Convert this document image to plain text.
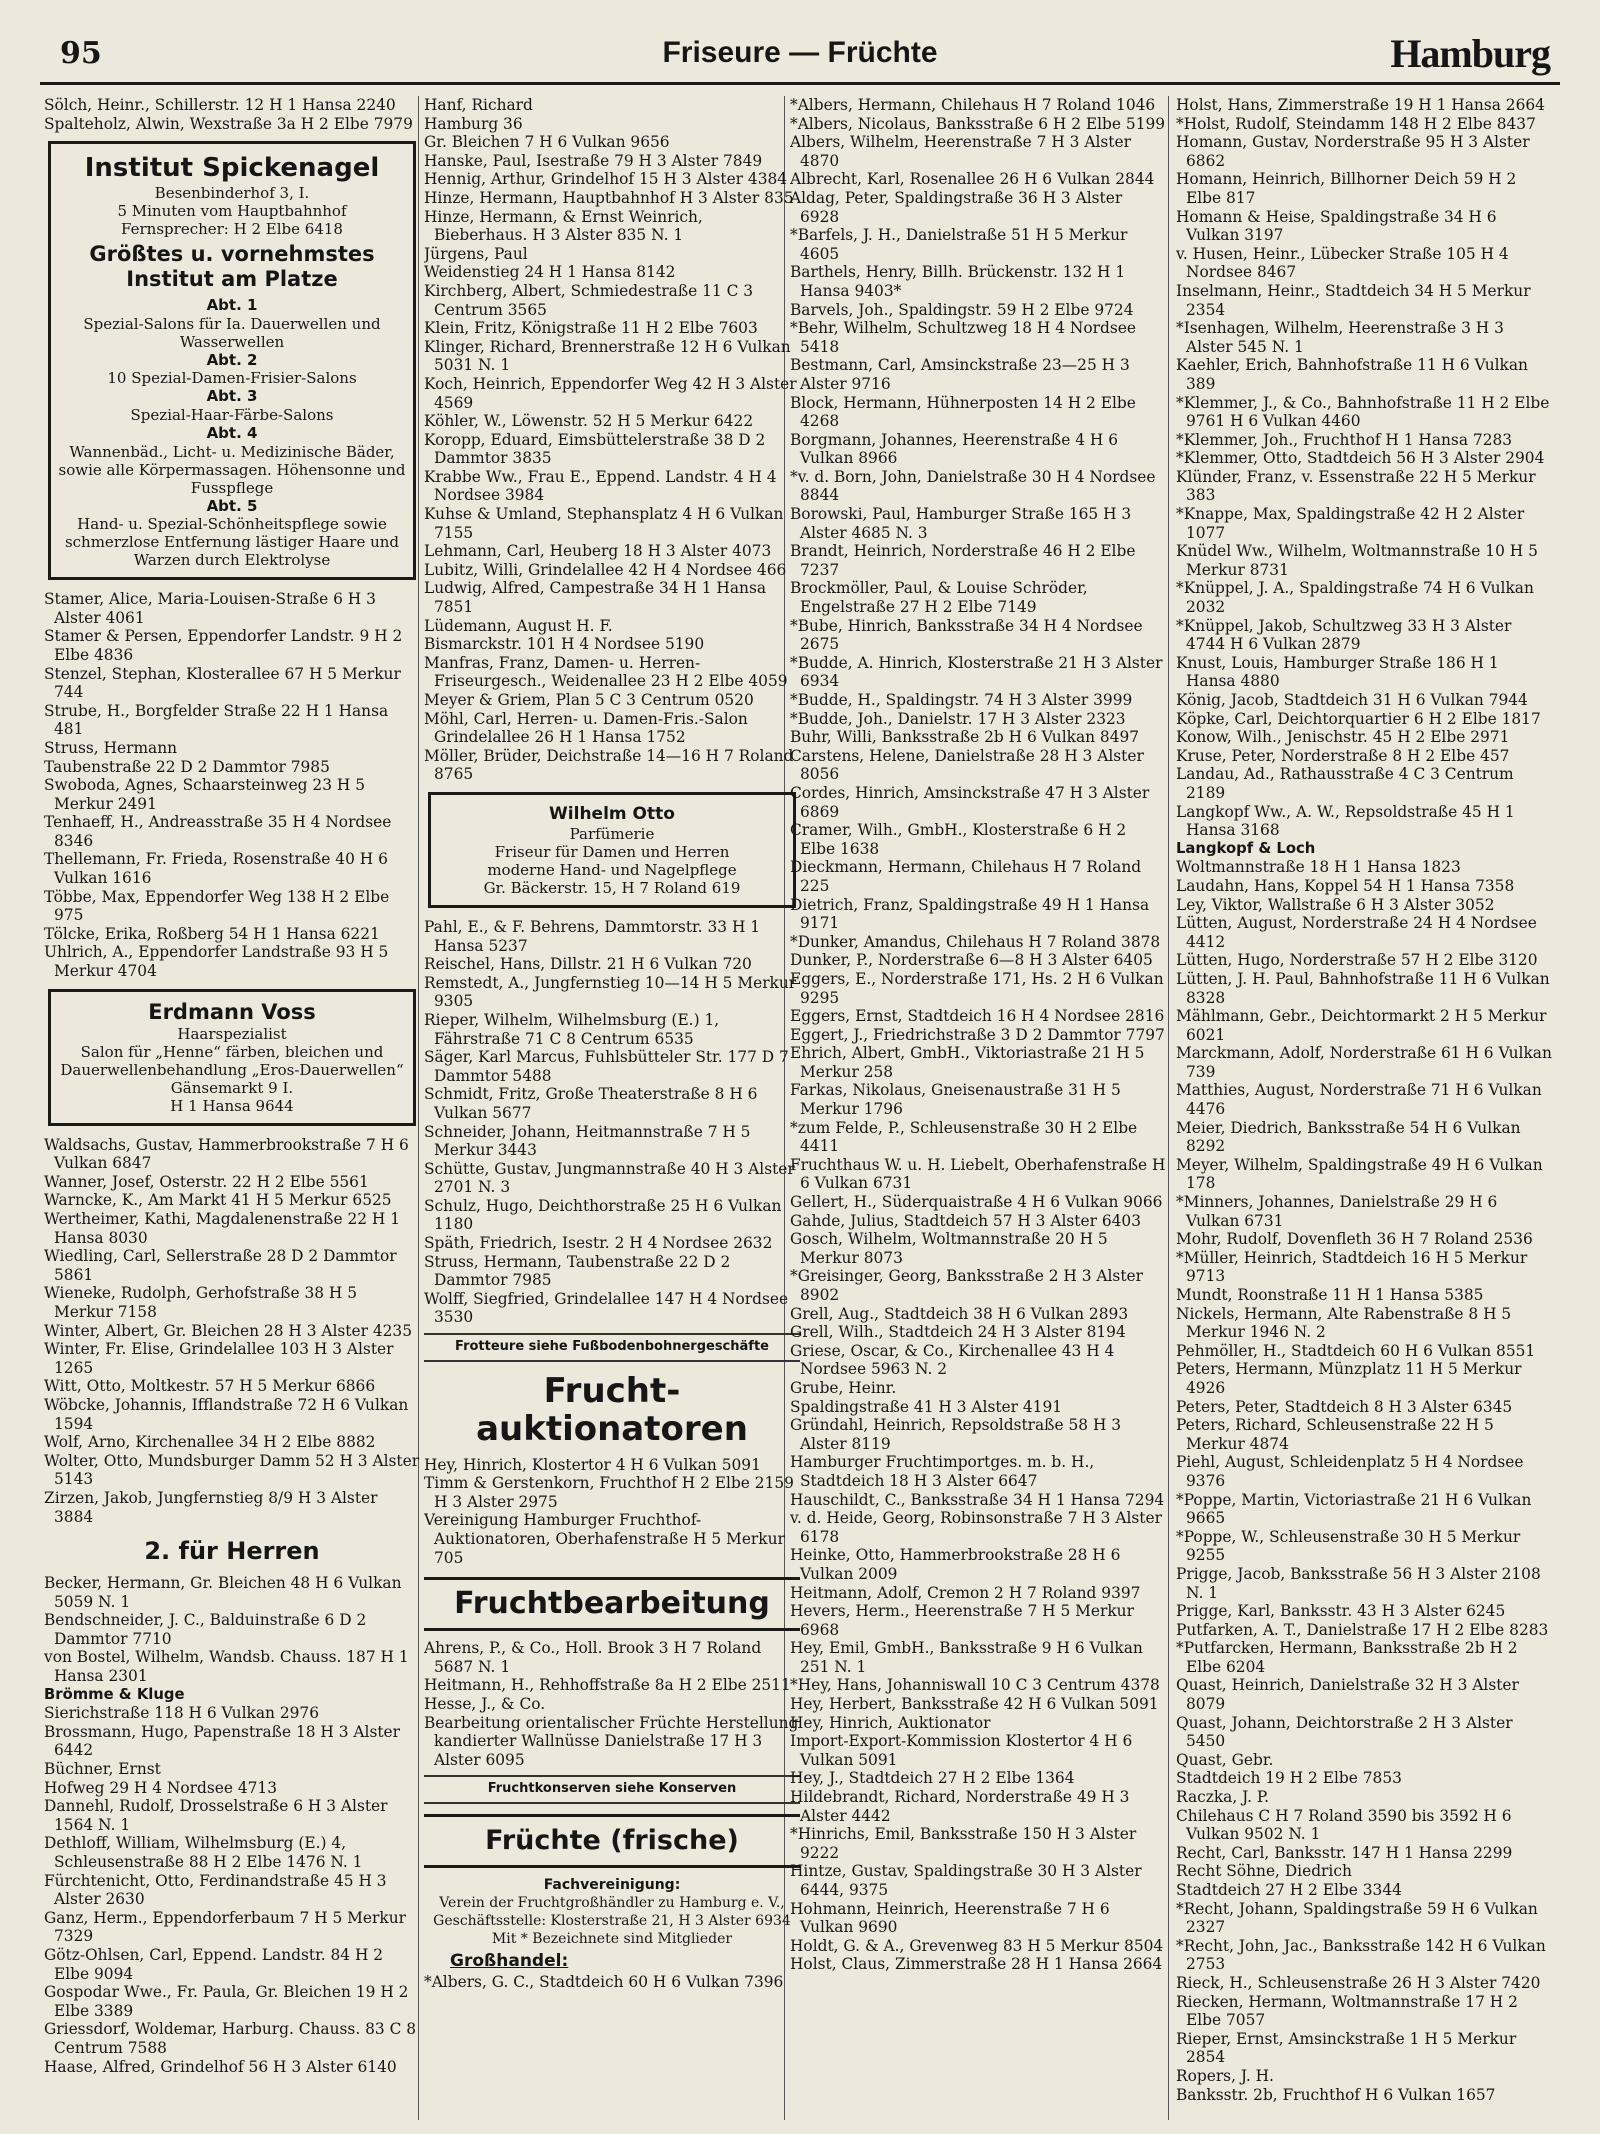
95	Friseure — Früchte	Hamburg

Sölch, Heinr., Schillerstr. 12 H 1 Hansa 2240

Spalteholz, Alwin, Wexstraße 3a H 2 Elbe 7979

Institut Spickenagel
Besenbinderhof 3, I.
5 Minuten vom Hauptbahnhof
Fernsprecher: H 2 Elbe 6418
Größtes u. vornehmstes Institut am Platze
Abt. 1
Spezial-Salons für Ia. Dauerwellen und Wasserwellen
Abt. 2
10 Spezial-Damen-Frisier-Salons
Abt. 3
Spezial-Haar-Färbe-Salons
Abt. 4
Wannenbäd., Licht- u. Medizinische Bäder, sowie alle Körpermassagen. Höhensonne und Fusspflege
Abt. 5
Hand- u. Spezial-Schönheitspflege sowie schmerzlose Entfernung lästiger Haare und Warzen durch Elektrolyse

Stamer, Alice, Maria-Louisen-Straße 6 H 3 Alster 4061

Stamer & Persen, Eppendorfer Landstr. 9 H 2 Elbe 4836

Stenzel, Stephan, Klosterallee 67 H 5 Merkur 744

Strube, H., Borgfelder Straße 22 H 1 Hansa 481

Struss, Hermann

Taubenstraße 22 D 2 Dammtor 7985

Swoboda, Agnes, Schaarsteinweg 23 H 5 Merkur 2491

Tenhaeff, H., Andreasstraße 35 H 4 Nordsee 8346

Thellemann, Fr. Frieda, Rosenstraße 40 H 6 Vulkan 1616

Többe, Max, Eppendorfer Weg 138 H 2 Elbe 975

Tölcke, Erika, Roßberg 54 H 1 Hansa 6221

Uhlrich, A., Eppendorfer Landstraße 93 H 5 Merkur 4704

Erdmann Voss
Haarspezialist
Salon für „Henne“ färben, bleichen und Dauerwellenbehandlung „Eros-Dauerwellen“
Gänsemarkt 9 I.
H 1 Hansa 9644

Waldsachs, Gustav, Hammerbrookstraße 7 H 6 Vulkan 6847

Wanner, Josef, Osterstr. 22 H 2 Elbe 5561

Warncke, K., Am Markt 41 H 5 Merkur 6525

Wertheimer, Kathi, Magdalenenstraße 22 H 1 Hansa 8030

Wiedling, Carl, Sellerstraße 28 D 2 Dammtor 5861

Wieneke, Rudolph, Gerhofstraße 38 H 5 Merkur 7158

Winter, Albert, Gr. Bleichen 28 H 3 Alster 4235

Winter, Fr. Elise, Grindelallee 103 H 3 Alster 1265

Witt, Otto, Moltkestr. 57 H 5 Merkur 6866

Wöbcke, Johannis, Ifflandstraße 72 H 6 Vulkan 1594

Wolf, Arno, Kirchenallee 34 H 2 Elbe 8882

Wolter, Otto, Mundsburger Damm 52 H 3 Alster 5143

Zirzen, Jakob, Jungfernstieg 8/9 H 3 Alster 3884

2. für Herren

Becker, Hermann, Gr. Bleichen 48 H 6 Vulkan 5059 N. 1

Bendschneider, J. C., Balduinstraße 6 D 2 Dammtor 7710

von Bostel, Wilhelm, Wandsb. Chauss. 187 H 1 Hansa 2301

Brömme & Kluge

Sierichstraße 118 H 6 Vulkan 2976

Brossmann, Hugo, Papenstraße 18 H 3 Alster 6442

Büchner, Ernst

Hofweg 29 H 4 Nordsee 4713

Dannehl, Rudolf, Drosselstraße 6 H 3 Alster 1564 N. 1

Dethloff, William, Wilhelmsburg (E.) 4, Schleusenstraße 88 H 2 Elbe 1476 N. 1

Fürchtenicht, Otto, Ferdinandstraße 45 H 3 Alster 2630

Ganz, Herm., Eppendorferbaum 7 H 5 Merkur 7329

Götz-Ohlsen, Carl, Eppend. Landstr. 84 H 2 Elbe 9094

Gospodar Wwe., Fr. Paula, Gr. Bleichen 19 H 2 Elbe 3389

Griessdorf, Woldemar, Harburg. Chauss. 83 C 8 Centrum 7588

Haase, Alfred, Grindelhof 56 H 3 Alster 6140

Hanf, Richard

Hamburg 36

Gr. Bleichen 7 H 6 Vulkan 9656

Hanske, Paul, Isestraße 79 H 3 Alster 7849

Hennig, Arthur, Grindelhof 15 H 3 Alster 4384

Hinze, Hermann, Hauptbahnhof H 3 Alster 835

Hinze, Hermann, & Ernst Weinrich, Bieberhaus. H 3 Alster 835 N. 1

Jürgens, Paul

Weidenstieg 24 H 1 Hansa 8142

Kirchberg, Albert, Schmiedestraße 11 C 3 Centrum 3565

Klein, Fritz, Königstraße 11 H 2 Elbe 7603

Klinger, Richard, Brennerstraße 12 H 6 Vulkan 5031 N. 1

Koch, Heinrich, Eppendorfer Weg 42 H 3 Alster 4569

Köhler, W., Löwenstr. 52 H 5 Merkur 6422

Koropp, Eduard, Eimsbüttelerstraße 38 D 2 Dammtor 3835

Krabbe Ww., Frau E., Eppend. Landstr. 4 H 4 Nordsee 3984

Kuhse & Umland, Stephansplatz 4 H 6 Vulkan 7155

Lehmann, Carl, Heuberg 18 H 3 Alster 4073

Lubitz, Willi, Grindelallee 42 H 4 Nordsee 466

Ludwig, Alfred, Campestraße 34 H 1 Hansa 7851

Lüdemann, August H. F.

Bismarckstr. 101 H 4 Nordsee 5190

Manfras, Franz, Damen- u. Herren-Friseurgesch., Weidenallee 23 H 2 Elbe 4059

Meyer & Griem, Plan 5 C 3 Centrum 0520

Möhl, Carl, Herren- u. Damen-Fris.-Salon Grindelallee 26 H 1 Hansa 1752

Möller, Brüder, Deichstraße 14—16 H 7 Roland 8765

Wilhelm Otto
Parfümerie
Friseur für Damen und Herren
moderne Hand- und Nagelpflege
Gr. Bäckerstr. 15, H 7 Roland 619

Pahl, E., & F. Behrens, Dammtorstr. 33 H 1 Hansa 5237

Reischel, Hans, Dillstr. 21 H 6 Vulkan 720

Remstedt, A., Jungfernstieg 10—14 H 5 Merkur 9305

Rieper, Wilhelm, Wilhelmsburg (E.) 1, Fährstraße 71 C 8 Centrum 6535

Säger, Karl Marcus, Fuhlsbütteler Str. 177 D 7 Dammtor 5488

Schmidt, Fritz, Große Theaterstraße 8 H 6 Vulkan 5677

Schneider, Johann, Heitmannstraße 7 H 5 Merkur 3443

Schütte, Gustav, Jungmannstraße 40 H 3 Alster 2701 N. 3

Schulz, Hugo, Deichthorstraße 25 H 6 Vulkan 1180

Späth, Friedrich, Isestr. 2 H 4 Nordsee 2632

Struss, Hermann, Taubenstraße 22 D 2 Dammtor 7985

Wolff, Siegfried, Grindelallee 147 H 4 Nordsee 3530

Frotteure siehe Fußbodenbohnergeschäfte
Frucht-auktionatoren

Hey, Hinrich, Klostertor 4 H 6 Vulkan 5091

Timm & Gerstenkorn, Fruchthof H 2 Elbe 2159 H 3 Alster 2975

Vereinigung Hamburger Fruchthof-Auktionatoren, Oberhafenstraße H 5 Merkur 705

Fruchtbearbeitung

Ahrens, P., & Co., Holl. Brook 3 H 7 Roland 5687 N. 1

Heitmann, H., Rehhoffstraße 8a H 2 Elbe 2511

Hesse, J., & Co.

Bearbeitung orientalischer Früchte Herstellung kandierter Wallnüsse Danielstraße 17 H 3 Alster 6095

Fruchtkonserven siehe Konserven
Früchte (frische)
Fachvereinigung:
Verein der Fruchtgroßhändler zu Hamburg e. V., Geschäftsstelle: Klosterstraße 21, H 3 Alster 6934
Mit * Bezeichnete sind Mitglieder
Großhandel:

*Albers, G. C., Stadtdeich 60 H 6 Vulkan 7396

*Albers, Hermann, Chilehaus H 7 Roland 1046

*Albers, Nicolaus, Banksstraße 6 H 2 Elbe 5199

Albers, Wilhelm, Heerenstraße 7 H 3 Alster 4870

Albrecht, Karl, Rosenallee 26 H 6 Vulkan 2844

Aldag, Peter, Spaldingstraße 36 H 3 Alster 6928

*Barfels, J. H., Danielstraße 51 H 5 Merkur 4605

Barthels, Henry, Billh. Brückenstr. 132 H 1 Hansa 9403*

Barvels, Joh., Spaldingstr. 59 H 2 Elbe 9724

*Behr, Wilhelm, Schultzweg 18 H 4 Nordsee 5418

Bestmann, Carl, Amsinckstraße 23—25 H 3 Alster 9716

Block, Hermann, Hühnerposten 14 H 2 Elbe 4268

Borgmann, Johannes, Heerenstraße 4 H 6 Vulkan 8966

*v. d. Born, John, Danielstraße 30 H 4 Nordsee 8844

Borowski, Paul, Hamburger Straße 165 H 3 Alster 4685 N. 3

Brandt, Heinrich, Norderstraße 46 H 2 Elbe 7237

Brockmöller, Paul, & Louise Schröder, Engelstraße 27 H 2 Elbe 7149

*Bube, Hinrich, Banksstraße 34 H 4 Nordsee 2675

*Budde, A. Hinrich, Klosterstraße 21 H 3 Alster 6934

*Budde, H., Spaldingstr. 74 H 3 Alster 3999

*Budde, Joh., Danielstr. 17 H 3 Alster 2323

Buhr, Willi, Banksstraße 2b H 6 Vulkan 8497

Carstens, Helene, Danielstraße 28 H 3 Alster 8056

Cordes, Hinrich, Amsinckstraße 47 H 3 Alster 6869

Cramer, Wilh., GmbH., Klosterstraße 6 H 2 Elbe 1638

Dieckmann, Hermann, Chilehaus H 7 Roland 225

Dietrich, Franz, Spaldingstraße 49 H 1 Hansa 9171

*Dunker, Amandus, Chilehaus H 7 Roland 3878

Dunker, P., Norderstraße 6—8 H 3 Alster 6405

Eggers, E., Norderstraße 171, Hs. 2 H 6 Vulkan 9295

Eggers, Ernst, Stadtdeich 16 H 4 Nordsee 2816

Eggert, J., Friedrichstraße 3 D 2 Dammtor 7797

Ehrich, Albert, GmbH., Viktoriastraße 21 H 5 Merkur 258

Farkas, Nikolaus, Gneisenaustraße 31 H 5 Merkur 1796

*zum Felde, P., Schleusenstraße 30 H 2 Elbe 4411

Fruchthaus W. u. H. Liebelt, Oberhafenstraße H 6 Vulkan 6731

Gellert, H., Süderquaistraße 4 H 6 Vulkan 9066

Gahde, Julius, Stadtdeich 57 H 3 Alster 6403

Gosch, Wilhelm, Woltmannstraße 20 H 5 Merkur 8073

*Greisinger, Georg, Banksstraße 2 H 3 Alster 8902

Grell, Aug., Stadtdeich 38 H 6 Vulkan 2893

Grell, Wilh., Stadtdeich 24 H 3 Alster 8194

Griese, Oscar, & Co., Kirchenallee 43 H 4 Nordsee 5963 N. 2

Grube, Heinr.

Spaldingstraße 41 H 3 Alster 4191

Gründahl, Heinrich, Repsoldstraße 58 H 3 Alster 8119

Hamburger Fruchtimportges. m. b. H., Stadtdeich 18 H 3 Alster 6647

Hauschildt, C., Banksstraße 34 H 1 Hansa 7294

v. d. Heide, Georg, Robinsonstraße 7 H 3 Alster 6178

Heinke, Otto, Hammerbrookstraße 28 H 6 Vulkan 2009

Heitmann, Adolf, Cremon 2 H 7 Roland 9397

Hevers, Herm., Heerenstraße 7 H 5 Merkur 6968

Hey, Emil, GmbH., Banksstraße 9 H 6 Vulkan 251 N. 1

*Hey, Hans, Johanniswall 10 C 3 Centrum 4378

Hey, Herbert, Banksstraße 42 H 6 Vulkan 5091

Hey, Hinrich, Auktionator

Import-Export-Kommission Klostertor 4 H 6 Vulkan 5091

Hey, J., Stadtdeich 27 H 2 Elbe 1364

Hildebrandt, Richard, Norderstraße 49 H 3 Alster 4442

*Hinrichs, Emil, Banksstraße 150 H 3 Alster 9222

Hintze, Gustav, Spaldingstraße 30 H 3 Alster 6444, 9375

Hohmann, Heinrich, Heerenstraße 7 H 6 Vulkan 9690

Holdt, G. & A., Grevenweg 83 H 5 Merkur 8504

Holst, Claus, Zimmerstraße 28 H 1 Hansa 2664

Holst, Hans, Zimmerstraße 19 H 1 Hansa 2664

*Holst, Rudolf, Steindamm 148 H 2 Elbe 8437

Homann, Gustav, Norderstraße 95 H 3 Alster 6862

Homann, Heinrich, Billhorner Deich 59 H 2 Elbe 817

Homann & Heise, Spaldingstraße 34 H 6 Vulkan 3197

v. Husen, Heinr., Lübecker Straße 105 H 4 Nordsee 8467

Inselmann, Heinr., Stadtdeich 34 H 5 Merkur 2354

*Isenhagen, Wilhelm, Heerenstraße 3 H 3 Alster 545 N. 1

Kaehler, Erich, Bahnhofstraße 11 H 6 Vulkan 389

*Klemmer, J., & Co., Bahnhofstraße 11 H 2 Elbe 9761 H 6 Vulkan 4460

*Klemmer, Joh., Fruchthof H 1 Hansa 7283

*Klemmer, Otto, Stadtdeich 56 H 3 Alster 2904

Klünder, Franz, v. Essenstraße 22 H 5 Merkur 383

*Knappe, Max, Spaldingstraße 42 H 2 Alster 1077

Knüdel Ww., Wilhelm, Woltmannstraße 10 H 5 Merkur 8731

*Knüppel, J. A., Spaldingstraße 74 H 6 Vulkan 2032

*Knüppel, Jakob, Schultzweg 33 H 3 Alster 4744 H 6 Vulkan 2879

Knust, Louis, Hamburger Straße 186 H 1 Hansa 4880

König, Jacob, Stadtdeich 31 H 6 Vulkan 7944

Köpke, Carl, Deichtorquartier 6 H 2 Elbe 1817

Konow, Wilh., Jenischstr. 45 H 2 Elbe 2971

Kruse, Peter, Norderstraße 8 H 2 Elbe 457

Landau, Ad., Rathausstraße 4 C 3 Centrum 2189

Langkopf Ww., A. W., Repsoldstraße 45 H 1 Hansa 3168

Langkopf & Loch

Woltmannstraße 18 H 1 Hansa 1823

Laudahn, Hans, Koppel 54 H 1 Hansa 7358

Ley, Viktor, Wallstraße 6 H 3 Alster 3052

Lütten, August, Norderstraße 24 H 4 Nordsee 4412

Lütten, Hugo, Norderstraße 57 H 2 Elbe 3120

Lütten, J. H. Paul, Bahnhofstraße 11 H 6 Vulkan 8328

Mählmann, Gebr., Deichtormarkt 2 H 5 Merkur 6021

Marckmann, Adolf, Norderstraße 61 H 6 Vulkan 739

Matthies, August, Norderstraße 71 H 6 Vulkan 4476

Meier, Diedrich, Banksstraße 54 H 6 Vulkan 8292

Meyer, Wilhelm, Spaldingstraße 49 H 6 Vulkan 178

*Minners, Johannes, Danielstraße 29 H 6 Vulkan 6731

Mohr, Rudolf, Dovenfleth 36 H 7 Roland 2536

*Müller, Heinrich, Stadtdeich 16 H 5 Merkur 9713

Mundt, Roonstraße 11 H 1 Hansa 5385

Nickels, Hermann, Alte Rabenstraße 8 H 5 Merkur 1946 N. 2

Pehmöller, H., Stadtdeich 60 H 6 Vulkan 8551

Peters, Hermann, Münzplatz 11 H 5 Merkur 4926

Peters, Peter, Stadtdeich 8 H 3 Alster 6345

Peters, Richard, Schleusenstraße 22 H 5 Merkur 4874

Piehl, August, Schleidenplatz 5 H 4 Nordsee 9376

*Poppe, Martin, Victoriastraße 21 H 6 Vulkan 9665

*Poppe, W., Schleusenstraße 30 H 5 Merkur 9255

Prigge, Jacob, Banksstraße 56 H 3 Alster 2108 N. 1

Prigge, Karl, Banksstr. 43 H 3 Alster 6245

Putfarken, A. T., Danielstraße 17 H 2 Elbe 8283

*Putfarcken, Hermann, Banksstraße 2b H 2 Elbe 6204

Quast, Heinrich, Danielstraße 32 H 3 Alster 8079

Quast, Johann, Deichtorstraße 2 H 3 Alster 5450

Quast, Gebr.

Stadtdeich 19 H 2 Elbe 7853

Raczka, J. P.

Chilehaus C H 7 Roland 3590 bis 3592 H 6 Vulkan 9502 N. 1

Recht, Carl, Banksstr. 147 H 1 Hansa 2299

Recht Söhne, Diedrich

Stadtdeich 27 H 2 Elbe 3344

*Recht, Johann, Spaldingstraße 59 H 6 Vulkan 2327

*Recht, John, Jac., Banksstraße 142 H 6 Vulkan 2753

Rieck, H., Schleusenstraße 26 H 3 Alster 7420

Riecken, Hermann, Woltmannstraße 17 H 2 Elbe 7057

Rieper, Ernst, Amsinckstraße 1 H 5 Merkur 2854

Ropers, J. H.

Banksstr. 2b, Fruchthof H 6 Vulkan 1657
